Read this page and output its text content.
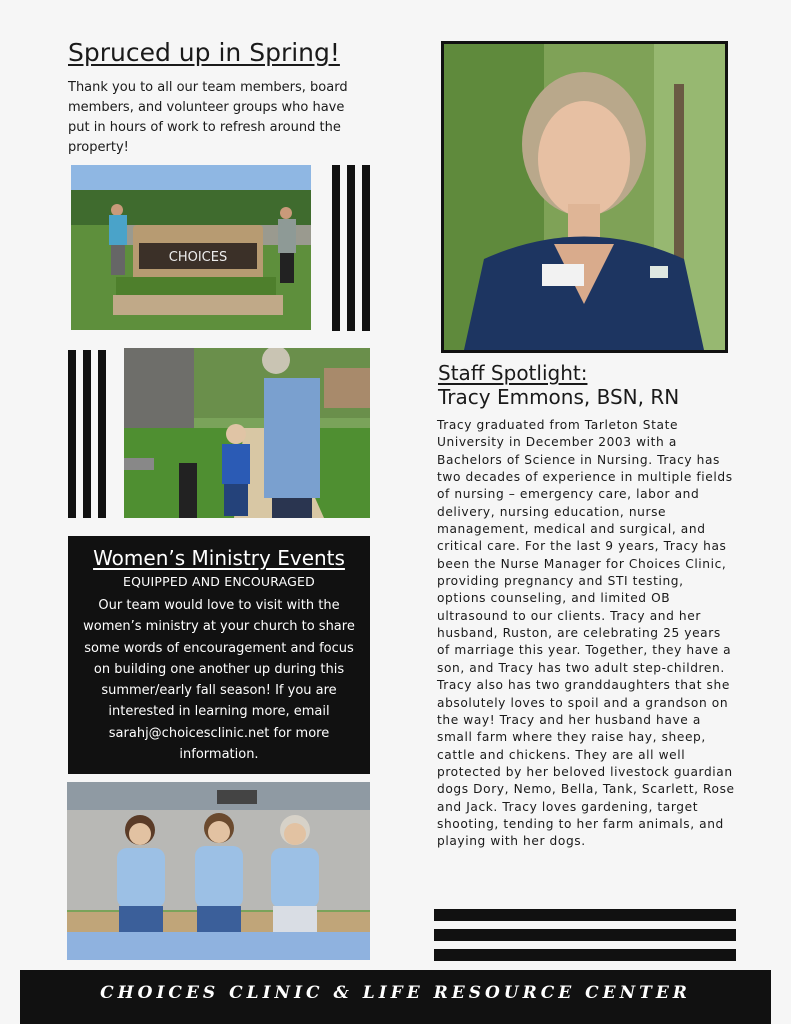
Spruced up in Spring!

Thank you to all our team members, board members, and volunteer groups who have put in hours of work to refresh around the property!

CHOICES
Women’s Ministry Events
EQUIPPED AND ENCOURAGED
Our team would love to visit with the women’s ministry at your church to share some words of encouragement and focus on building one another up during this summer/early fall season! If you are interested in learning more, email sarahj@choicesclinic.net for more information.
Staff Spotlight:
Tracy Emmons, BSN, RN

Tracy graduated from Tarleton State University in December 2003 with a Bachelors of Science in Nursing. Tracy has two decades of experience in multiple fields of nursing – emergency care, labor and delivery, nursing education, nurse management, medical and surgical, and critical care. For the last 9 years, Tracy has been the Nurse Manager for Choices Clinic, providing pregnancy and STI testing, options counseling, and limited OB ultrasound to our clients. Tracy and her husband, Ruston, are celebrating 25 years of marriage this year. Together, they have a son, and Tracy has two adult step-children. Tracy also has two granddaughters that she absolutely loves to spoil and a grandson on the way! Tracy and her husband have a small farm where they raise hay, sheep, cattle and chickens. They are all well protected by her beloved livestock guardian dogs Dory, Nemo, Bella, Tank, Scarlett, Rose and Jack. Tracy loves gardening, target shooting, tending to her farm animals, and playing with her dogs.

CHOICES CLINIC & LIFE RESOURCE CENTER
